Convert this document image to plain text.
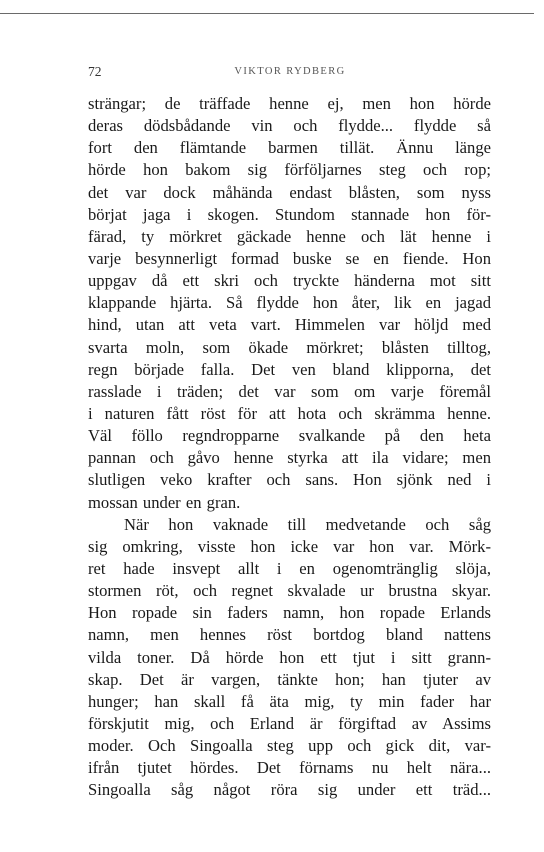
72	VIKTOR RYDBERG
strängar; de träffade henne ej, men hon hörde
deras dödsbådande vin och flydde... flydde så
fort den flämtande barmen tillät. Ännu länge
hörde hon bakom sig förföljarnes steg och rop;
det var dock måhända endast blåsten, som nyss
börjat jaga i skogen. Stundom stannade hon för-
färad, ty mörkret gäckade henne och lät henne i
varje besynnerligt formad buske se en fiende. Hon
uppgav då ett skri och tryckte händerna mot sitt
klappande hjärta. Så flydde hon åter, lik en jagad
hind, utan att veta vart. Himmelen var höljd med
svarta moln, som ökade mörkret; blåsten tilltog,
regn började falla. Det ven bland klipporna, det
rasslade i träden; det var som om varje föremål
i naturen fått röst för att hota och skrämma henne.
Väl föllo regndropparne svalkande på den heta
pannan och gåvo henne styrka att ila vidare; men
slutligen veko krafter och sans. Hon sjönk ned i
mossan under en gran.
När hon vaknade till medvetande och såg
sig omkring, visste hon icke var hon var. Mörk-
ret hade insvept allt i en ogenomtränglig slöja,
stormen röt, och regnet skvalade ur brustna skyar.
Hon ropade sin faders namn, hon ropade Erlands
namn, men hennes röst bortdog bland nattens
vilda toner. Då hörde hon ett tjut i sitt grann-
skap. Det är vargen, tänkte hon; han tjuter av
hunger; han skall få äta mig, ty min fader har
förskjutit mig, och Erland är förgiftad av Assims
moder. Och Singoalla steg upp och gick dit, var-
ifrån tjutet hördes. Det förnams nu helt nära...
Singoalla såg något röra sig under ett träd...
